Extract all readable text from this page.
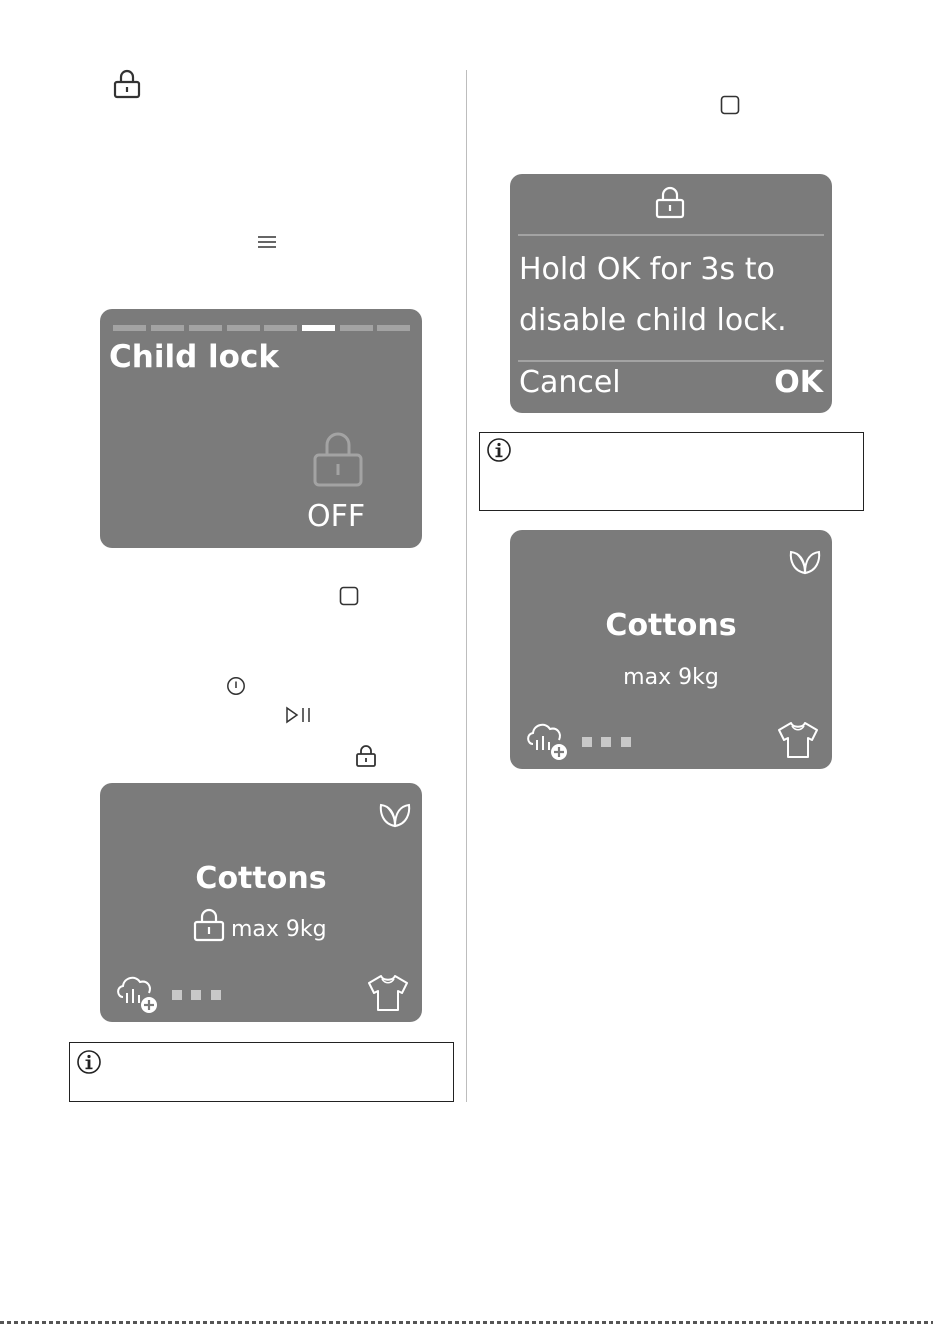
Child lock
OFF
Cottons
max 9kg
Hold OK for 3s to
disable child lock.
Cancel	OK
Cottons
max 9kg
